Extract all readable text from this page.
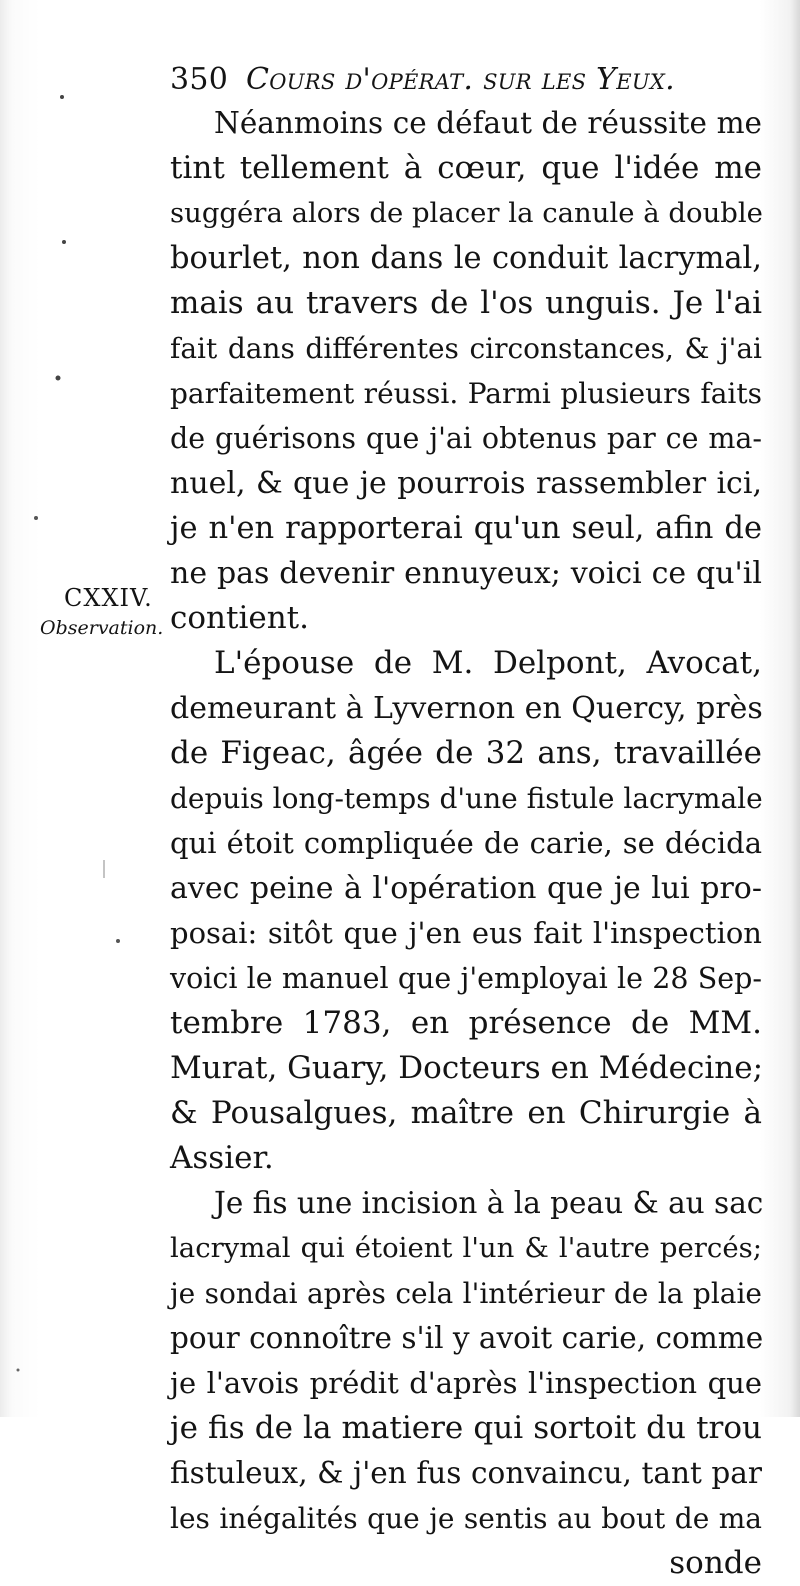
350 Cours d'opérat. sur les Yeux.
CXXIV.
Observation.
Néanmoins ce défaut de réussite me
tint tellement à cœur, que l'idée me
suggéra alors de placer la canule à double
bourlet, non dans le conduit lacrymal,
mais au travers de l'os unguis. Je l'ai
fait dans différentes circonstances, & j'ai
parfaitement réussi. Parmi plusieurs faits
de guérisons que j'ai obtenus par ce ma-
nuel, & que je pourrois rassembler ici,
je n'en rapporterai qu'un seul, afin de
ne pas devenir ennuyeux; voici ce qu'il
contient.
L'épouse de M. Delpont, Avocat,
demeurant à Lyvernon en Quercy, près
de Figeac, âgée de 32 ans, travaillée
depuis long-temps d'une fistule lacrymale
qui étoit compliquée de carie, se décida
avec peine à l'opération que je lui pro-
posai: sitôt que j'en eus fait l'inspection
voici le manuel que j'employai le 28 Sep-
tembre 1783, en présence de MM.
Murat, Guary, Docteurs en Médecine;
& Pousalgues, maître en Chirurgie à
Assier.
Je fis une incision à la peau & au sac
lacrymal qui étoient l'un & l'autre percés;
je sondai après cela l'intérieur de la plaie
pour connoître s'il y avoit carie, comme
je l'avois prédit d'après l'inspection que
je fis de la matiere qui sortoit du trou
fistuleux, & j'en fus convaincu, tant par
les inégalités que je sentis au bout de ma
sonde
